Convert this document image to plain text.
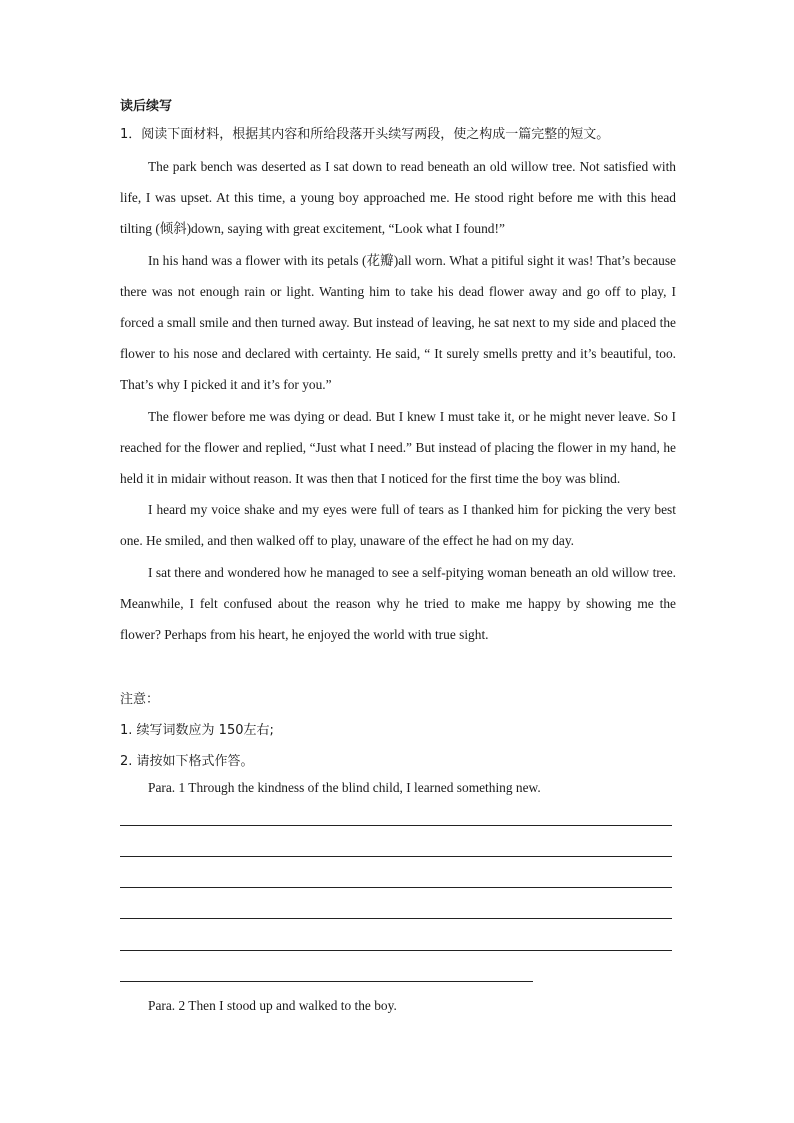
读后续写
1．阅读下面材料，根据其内容和所给段落开头续写两段，使之构成一篇完整的短文。

The park bench was deserted as I sat down to read beneath an old willow tree. Not satisfied with life, I was upset. At this time, a young boy approached me. He stood right before me with this head tilting (倾斜)down, saying with great excitement, “Look what I found!”

In his hand was a flower with its petals (花瓣)all worn. What a pitiful sight it was! That’s because there was not enough rain or light. Wanting him to take his dead flower away and go off to play, I forced a small smile and then turned away. But instead of leaving, he sat next to my side and placed the flower to his nose and declared with certainty. He said, “ It surely smells pretty and it’s beautiful, too. That’s why I picked it and it’s for you.”

The flower before me was dying or dead. But I knew I must take it, or he might never leave. So I reached for the flower and replied, “Just what I need.” But instead of placing the flower in my hand, he held it in midair without reason. It was then that I noticed for the first time the boy was blind.

I heard my voice shake and my eyes were full of tears as I thanked him for picking the very best one. He smiled, and then walked off to play, unaware of the effect he had on my day.

I sat there and wondered how he managed to see a self-pitying woman beneath an old willow tree. Meanwhile, I felt confused about the reason why he tried to make me happy by showing me the flower? Perhaps from his heart, he enjoyed the world with true sight.

注意：
1. 续写词数应为 150左右;
2. 请按如下格式作答。
Para. 1 Through the kindness of the blind child, I learned something new.
Para. 2 Then I stood up and walked to the boy.
